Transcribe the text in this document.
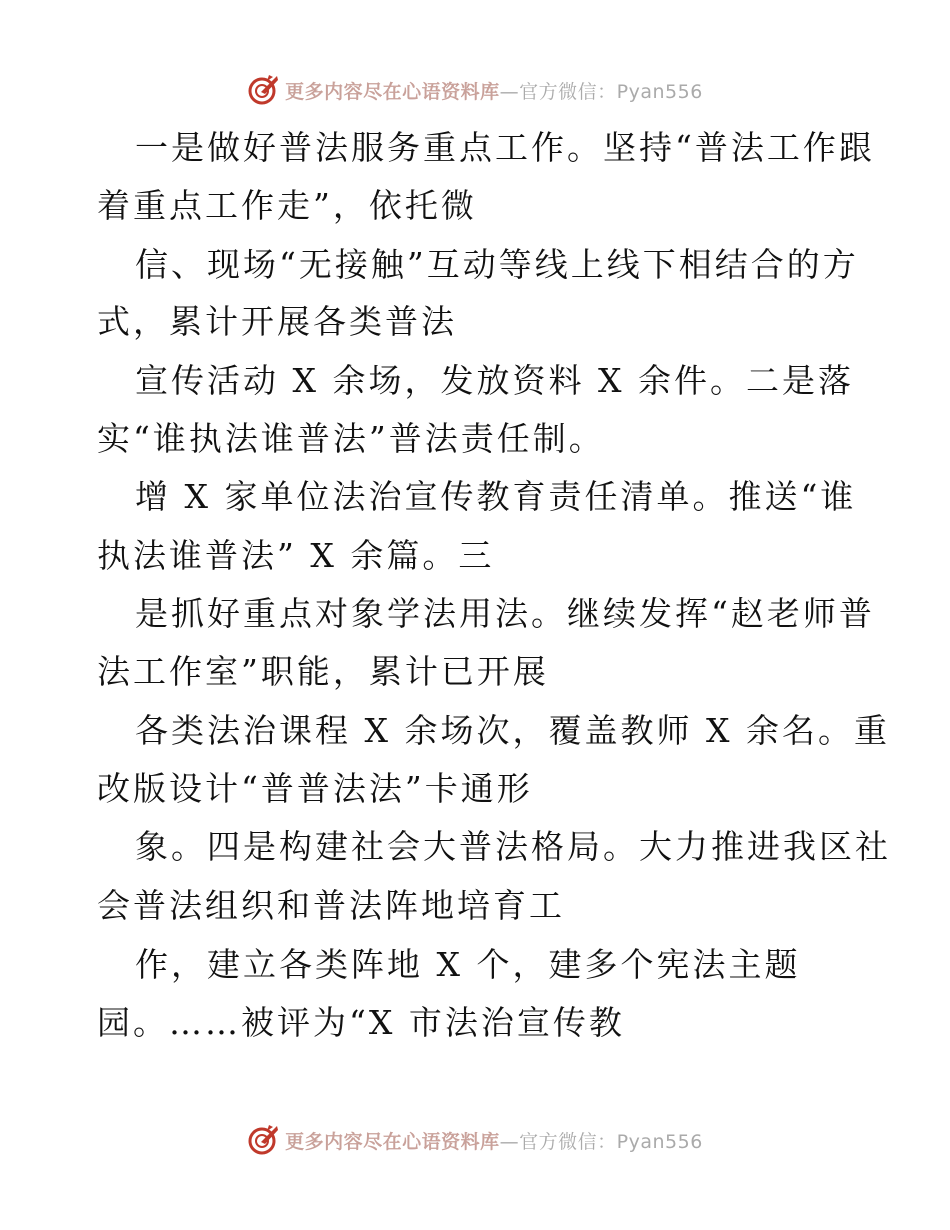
更多内容尽在心语资料库—官方微信：Pyan556
一是做好普法服务重点工作。坚持“普法工作跟
着重点工作走”，依托微
信、现场“无接触”互动等线上线下相结合的方
式，累计开展各类普法
宣传活动 X 余场，发放资料 X 余件。二是落
实“谁执法谁普法”普法责任制。
增 X 家单位法治宣传教育责任清单。推送“谁
执法谁普法” X 余篇。三
是抓好重点对象学法用法。继续发挥“赵老师普
法工作室”职能，累计已开展
各类法治课程 X 余场次，覆盖教师 X 余名。重
改版设计“普普法法”卡通形
象。四是构建社会大普法格局。大力推进我区社
会普法组织和普法阵地培育工
作，建立各类阵地 X 个，建多个宪法主题
园。……被评为“X 市法治宣传教
更多内容尽在心语资料库—官方微信：Pyan556
